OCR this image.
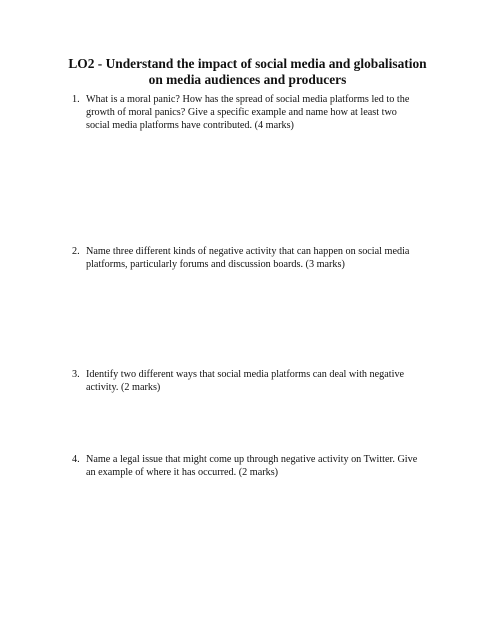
LO2 - Understand the impact of social media and globalisation
on media audiences and producers
1. What is a moral panic? How has the spread of social media platforms led to the
growth of moral panics? Give a specific example and name how at least two
social media platforms have contributed. (4 marks)

2. Name three different kinds of negative activity that can happen on social media
platforms, particularly forums and discussion boards. (3 marks)

3. Identify two different ways that social media platforms can deal with negative
activity. (2 marks)

4. Name a legal issue that might come up through negative activity on Twitter. Give
an example of where it has occurred. (2 marks)
